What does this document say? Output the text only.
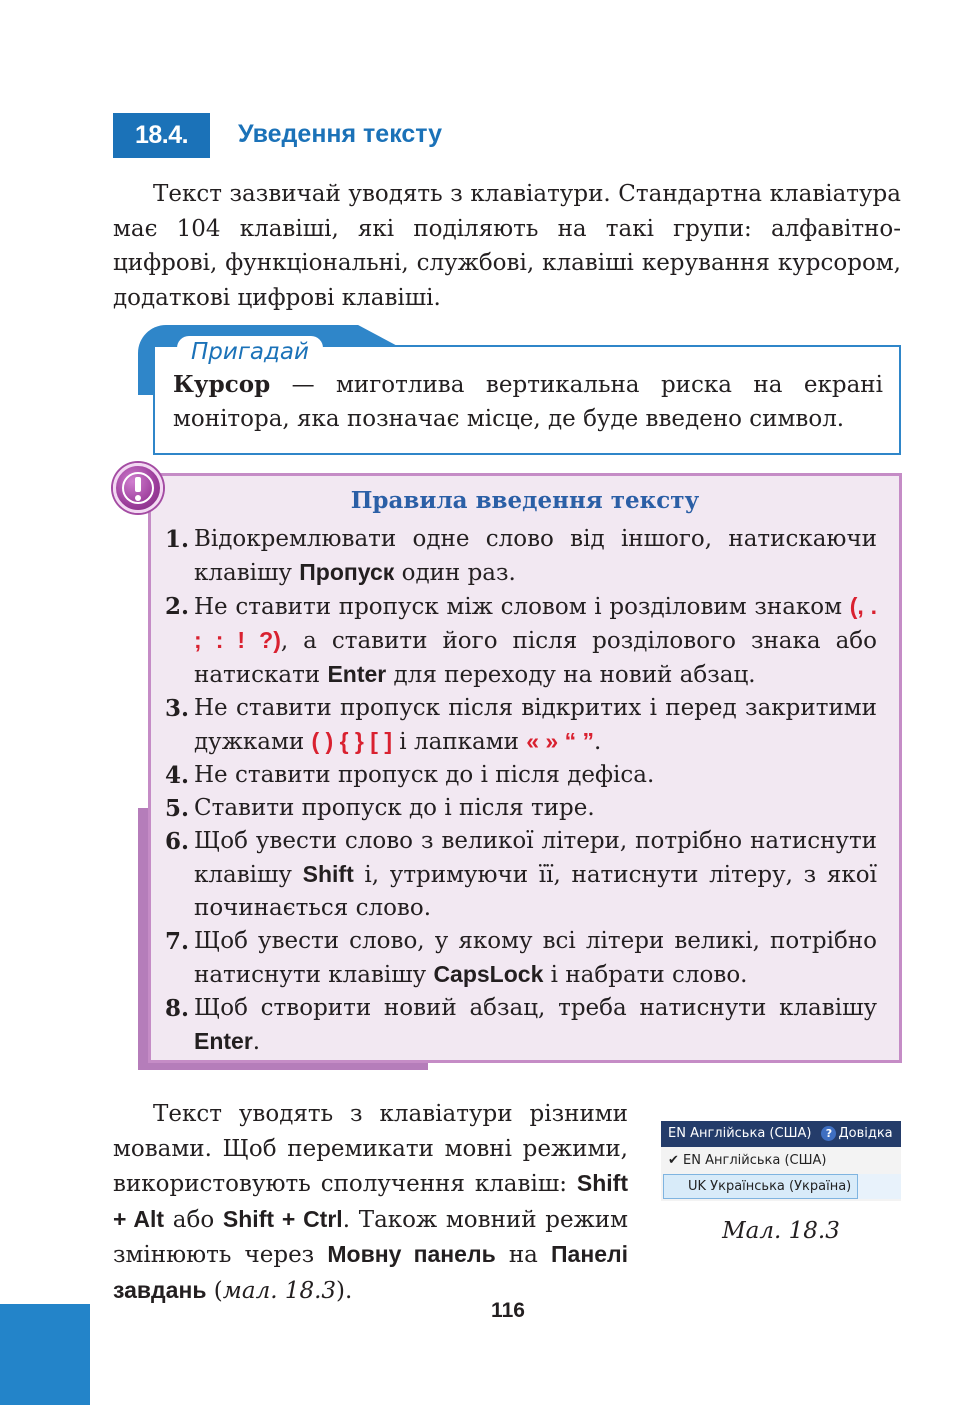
18.4.	Уведення тексту

Текст зазвичай уводять з клавіатури. Стандартна клавіатура має 104 клавіші, які поділяють на такі групи: алфавітно-цифрові, функціональні, службові, клавіші керування курсором, додаткові цифрові клавіші.

Пригадай

Курсор — миготлива вертикальна риска на екрані монітора, яка позначає місце, де буде введено символ.

Правила введення тексту
1. Відокремлювати одне слово від іншого, натискаючи клавішу Пропуск один раз.
2. Не ставити пропуск між словом і розділовим знаком (, . ; : ! ?), а ставити його після розділового знака або натискати Enter для переходу на новий абзац.
3. Не ставити пропуск після відкритих і перед закритими дужками ( ) { } [ ] і лапками « » “ ”.
4. Не ставити пропуск до і після дефіса.
5. Ставити пропуск до і після тире.
6. Щоб увести слово з великої літери, потрібно натиснути клавішу Shift і, утримуючи її, натиснути літеру, з якої починається слово.
7. Щоб увести слово, у якому всі літери великі, потрібно натиснути клавішу CapsLock і набрати слово.
8. Щоб створити новий абзац, треба натиснути клавішу Enter.

Текст уводять з клавіатури різними мовами. Щоб перемикати мовні режими, використовують сполучення клавіш: Shift + Alt або Shift + Ctrl. Також мовний режим змінюють через Мовну панель на Панелі завдань (мал. 18.3).

EN Англійська (США) ? Довідка
✔ EN Англійська (США)
UK Українська (Україна)
Мал. 18.3
116
